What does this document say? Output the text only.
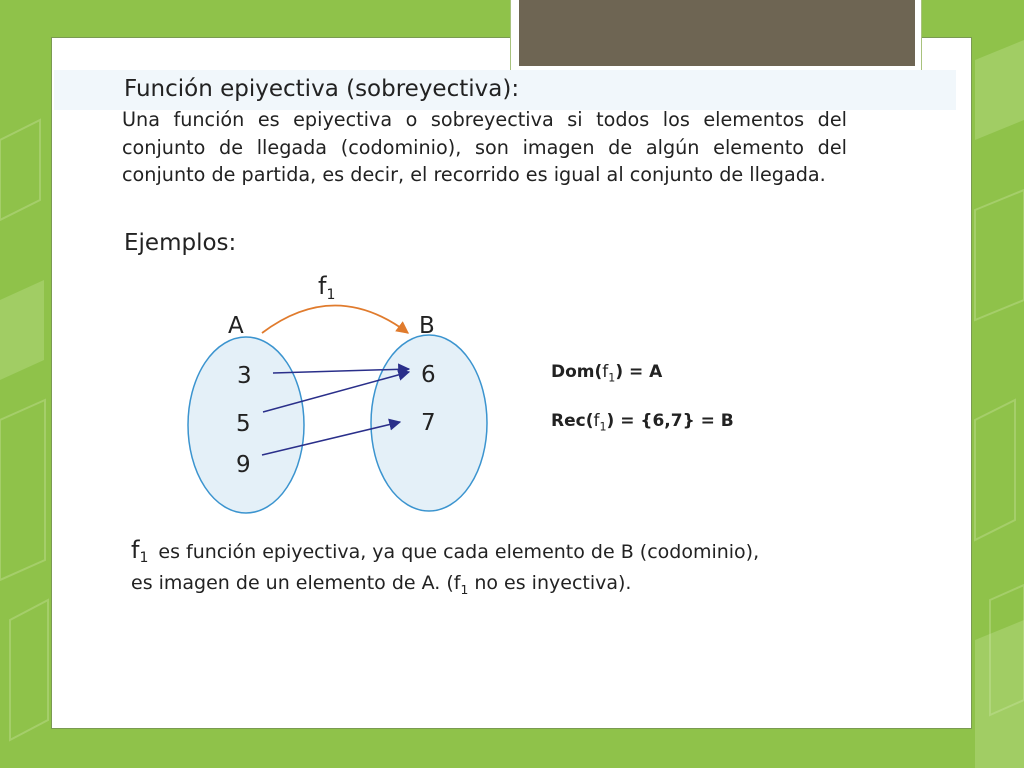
Función epiyectiva (sobreyectiva):
Una función es epiyectiva o sobreyectiva si todos los elementos del conjunto de llegada (codominio), son imagen de algún elemento del conjunto de partida, es decir, el recorrido es igual al conjunto de llegada.
Ejemplos:
$f_1$
A	B
3
5
9
6
7
$Dom(f_1) = A$
$Rec(f_1) = \{6,7\} = B$
$f_1$ es función epiyectiva, ya que cada elemento de B (codominio),
es imagen de un elemento de A. ($f_1$ no es inyectiva).
